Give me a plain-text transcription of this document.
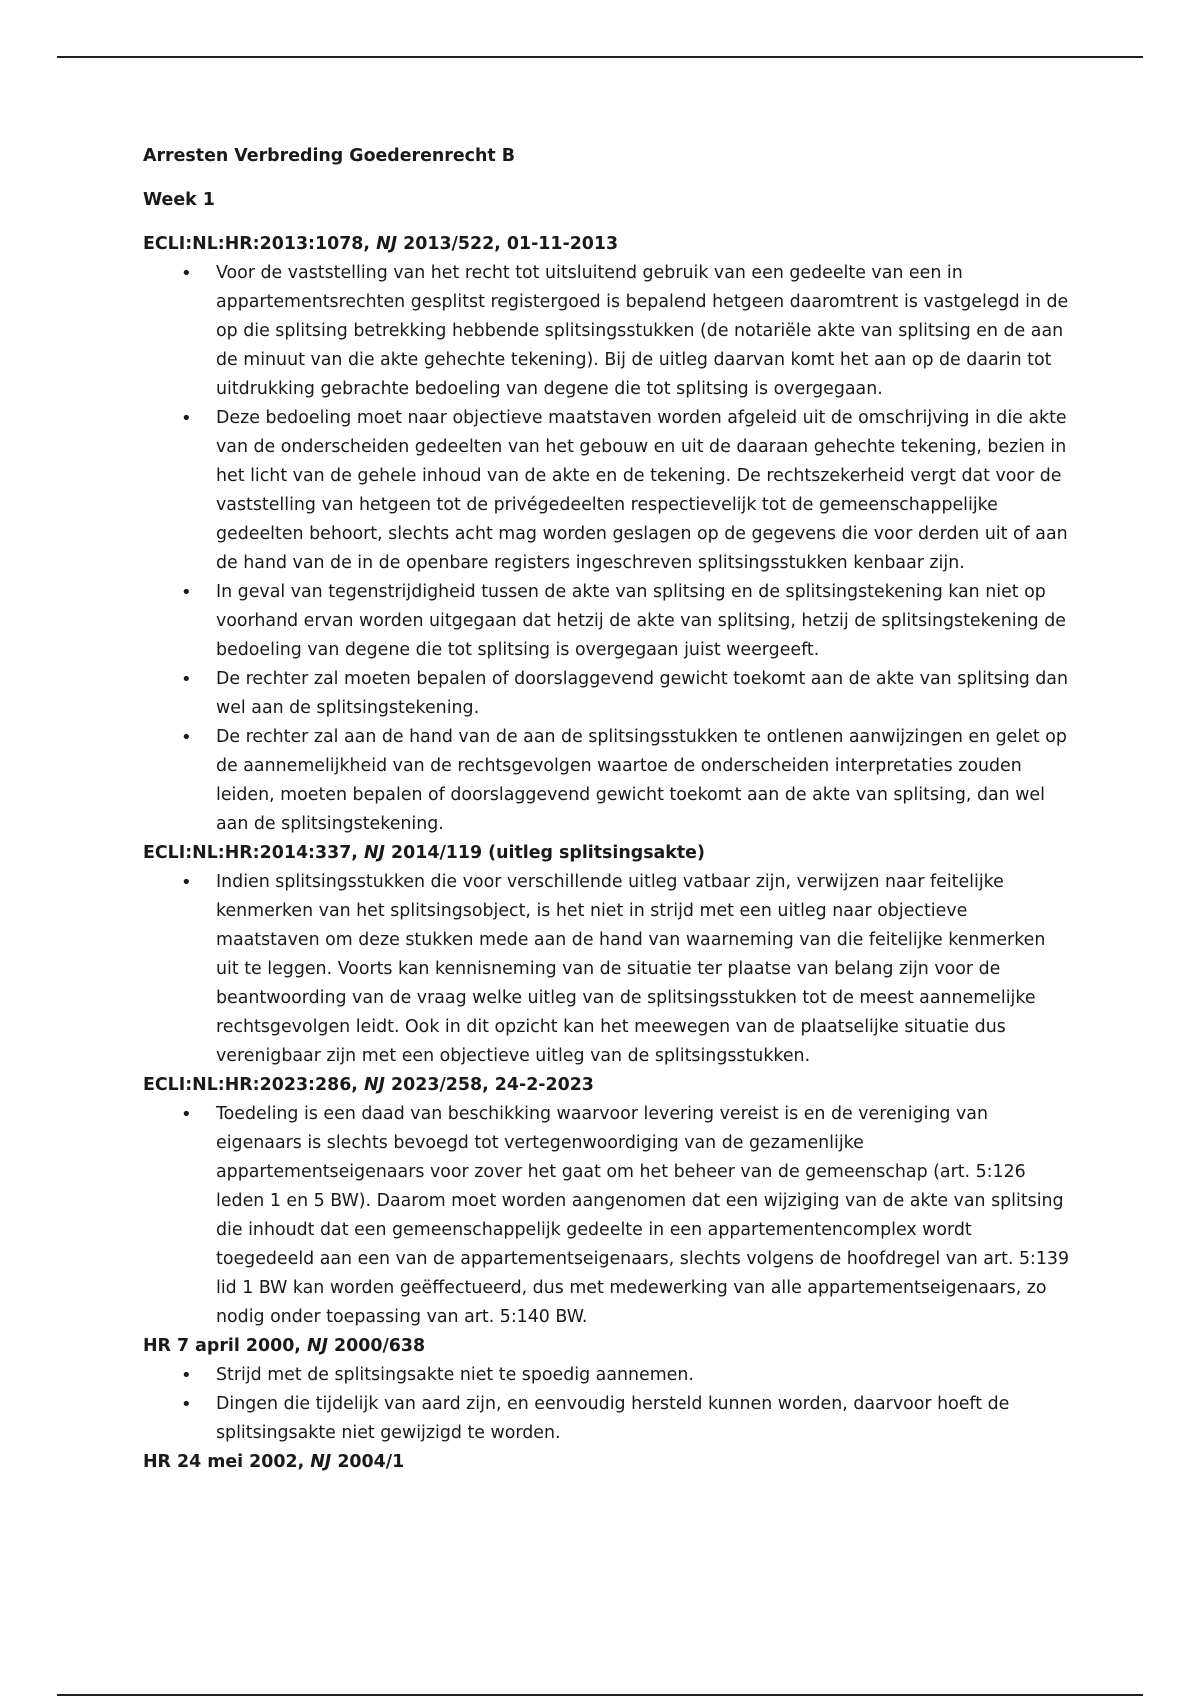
Arresten Verbreding Goederenrecht B

Week 1

ECLI:NL:HR:2013:1078, NJ 2013/522, 01-11-2013

• Voor de vaststelling van het recht tot uitsluitend gebruik van een gedeelte van een in appartementsrechten gesplitst registergoed is bepalend hetgeen daaromtrent is vastgelegd in de op die splitsing betrekking hebbende splitsingsstukken (de notariële akte van splitsing en de aan de minuut van die akte gehechte tekening). Bij de uitleg daarvan komt het aan op de daarin tot uitdrukking gebrachte bedoeling van degene die tot splitsing is overgegaan.
• Deze bedoeling moet naar objectieve maatstaven worden afgeleid uit de omschrijving in die akte van de onderscheiden gedeelten van het gebouw en uit de daaraan gehechte tekening, bezien in het licht van de gehele inhoud van de akte en de tekening. De rechtszekerheid vergt dat voor de vaststelling van hetgeen tot de privégedeelten respectievelijk tot de gemeenschappelijke gedeelten behoort, slechts acht mag worden geslagen op de gegevens die voor derden uit of aan de hand van de in de openbare registers ingeschreven splitsingsstukken kenbaar zijn.
• In geval van tegenstrijdigheid tussen de akte van splitsing en de splitsingstekening kan niet op voorhand ervan worden uitgegaan dat hetzij de akte van splitsing, hetzij de splitsingstekening de bedoeling van degene die tot splitsing is overgegaan juist weergeeft.
• De rechter zal moeten bepalen of doorslaggevend gewicht toekomt aan de akte van splitsing dan wel aan de splitsingstekening.
• De rechter zal aan de hand van de aan de splitsingsstukken te ontlenen aanwijzingen en gelet op de aannemelijkheid van de rechtsgevolgen waartoe de onderscheiden interpretaties zouden leiden, moeten bepalen of doorslaggevend gewicht toekomt aan de akte van splitsing, dan wel aan de splitsingstekening.

ECLI:NL:HR:2014:337, NJ 2014/119 (uitleg splitsingsakte)

• Indien splitsingsstukken die voor verschillende uitleg vatbaar zijn, verwijzen naar feitelijke kenmerken van het splitsingsobject, is het niet in strijd met een uitleg naar objectieve maatstaven om deze stukken mede aan de hand van waarneming van die feitelijke kenmerken uit te leggen. Voorts kan kennisneming van de situatie ter plaatse van belang zijn voor de beantwoording van de vraag welke uitleg van de splitsingsstukken tot de meest aannemelijke rechtsgevolgen leidt. Ook in dit opzicht kan het meewegen van de plaatselijke situatie dus verenigbaar zijn met een objectieve uitleg van de splitsingsstukken.

ECLI:NL:HR:2023:286, NJ 2023/258, 24-2-2023

• Toedeling is een daad van beschikking waarvoor levering vereist is en de vereniging van eigenaars is slechts bevoegd tot vertegenwoordiging van de gezamenlijke appartementseigenaars voor zover het gaat om het beheer van de gemeenschap (art. 5:126 leden 1 en 5 BW). Daarom moet worden aangenomen dat een wijziging van de akte van splitsing die inhoudt dat een gemeenschappelijk gedeelte in een appartementencomplex wordt toegedeeld aan een van de appartementseigenaars, slechts volgens de hoofdregel van art. 5:139 lid 1 BW kan worden geëffectueerd, dus met medewerking van alle appartementseigenaars, zo nodig onder toepassing van art. 5:140 BW.

HR 7 april 2000, NJ 2000/638

• Strijd met de splitsingsakte niet te spoedig aannemen.
• Dingen die tijdelijk van aard zijn, en eenvoudig hersteld kunnen worden, daarvoor hoeft de splitsingsakte niet gewijzigd te worden.

HR 24 mei 2002, NJ 2004/1
